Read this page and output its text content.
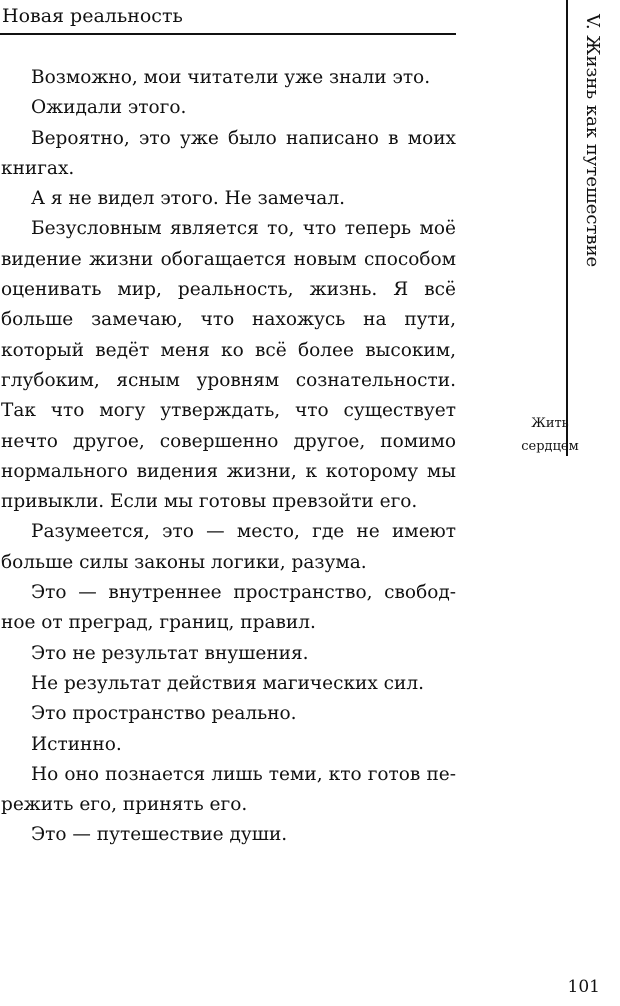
Новая реальность	V. Жизнь как путешествие
Жить
сердцем

Возможно, мои читатели уже знали это.

Ожидали этого.

Вероятно, это уже было написано в моих книгах.

А я не видел этого. Не замечал.

Безусловным является то, что теперь моё видение жизни обогащается новым способом оценивать мир, реальность, жизнь. Я всё больше замечаю, что нахожусь на пути, который ведёт меня ко всё более высоким, глубоким, ясным уровням сознательности. Так что могу утверждать, что существует нечто другое, совершенно другое, помимо нормального видения жизни, к которому мы привыкли. Если мы готовы превзойти его.

Разумеется, это — место, где не имеют больше силы законы логики, разума.

Это — внутреннее пространство, свободное от преград, границ, правил.

Это не результат внушения.

Не результат действия магических сил.

Это пространство реально.

Истинно.

Но оно познается лишь теми, кто готов пережить его, принять его.

Это — путешествие души.

101
